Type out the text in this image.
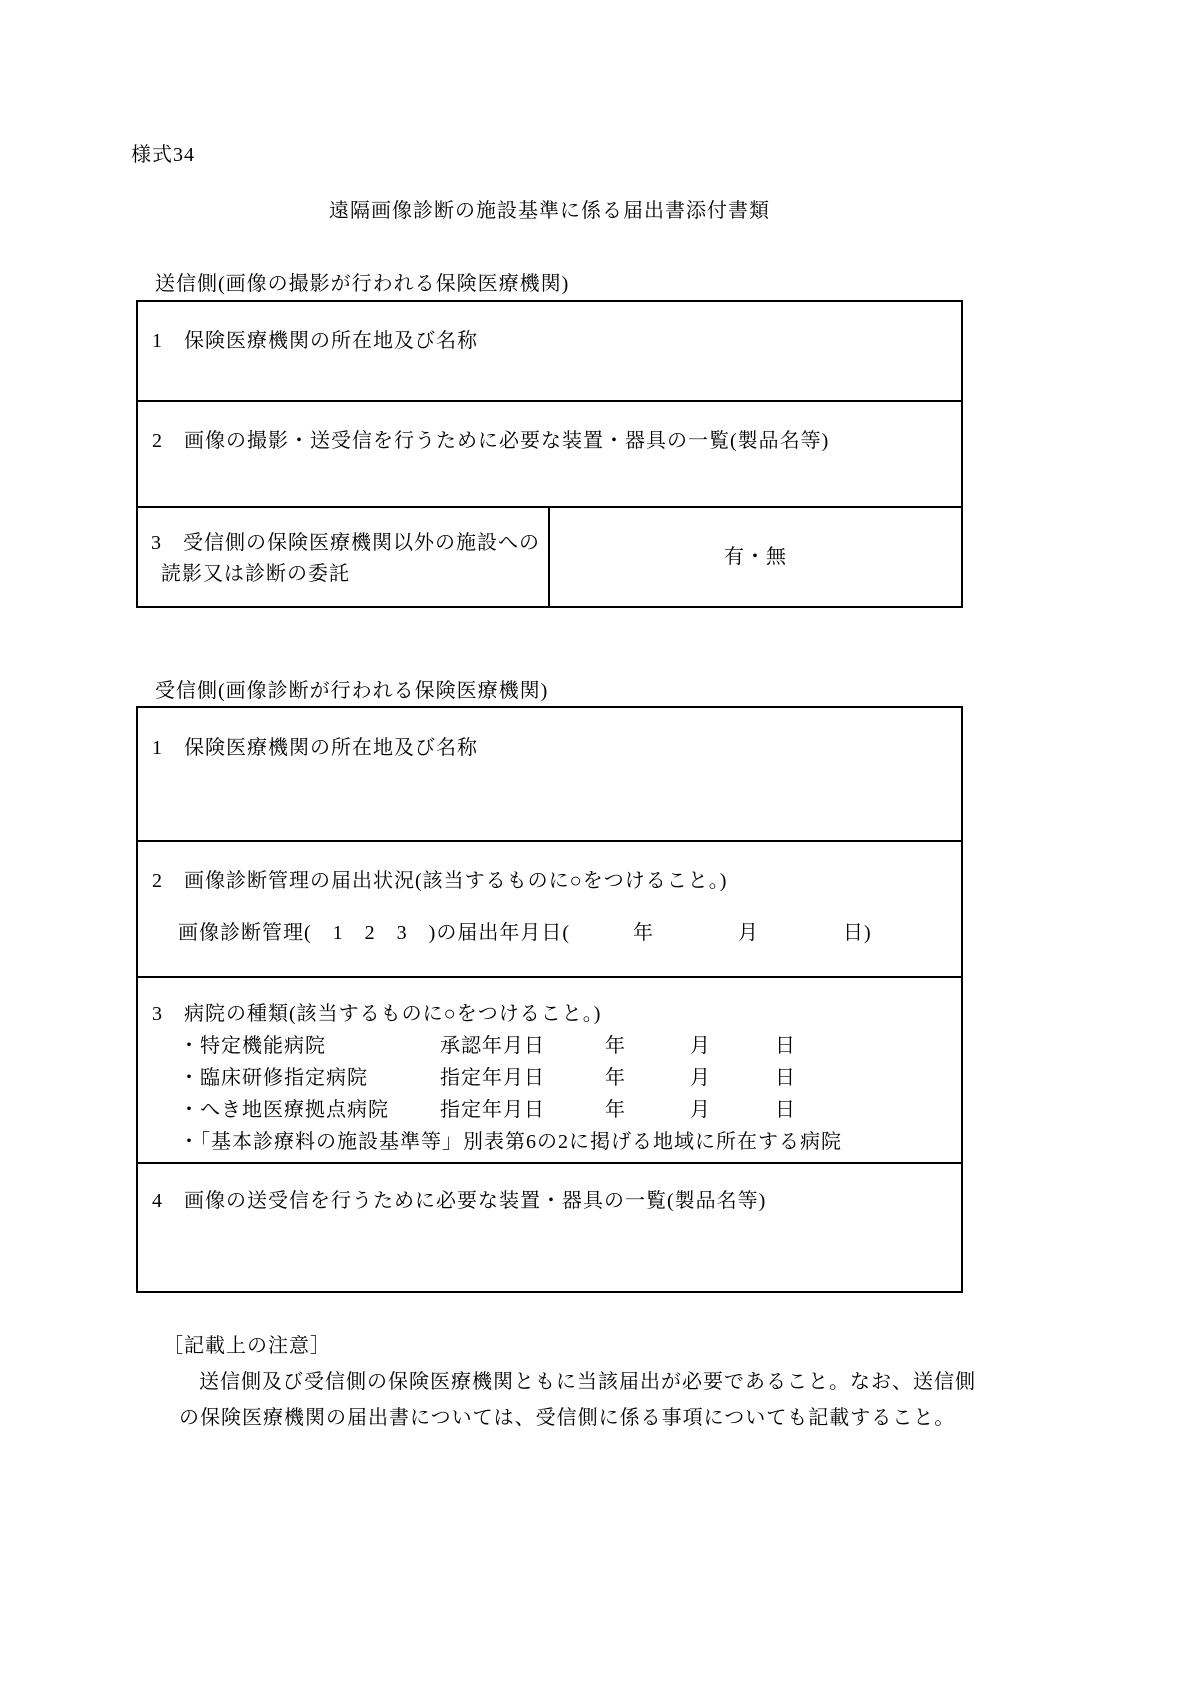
様式34
遠隔画像診断の施設基準に係る届出書添付書類
送信側(画像の撮影が行われる保険医療機関)
1　保険医療機関の所在地及び名称
2　画像の撮影・送受信を行うために必要な装置・器具の一覧(製品名等)
3　受信側の保険医療機関以外の施設への
読影又は診断の委託
有・無
受信側(画像診断が行われる保険医療機関)
1　保険医療機関の所在地及び名称
2　画像診断管理の届出状況(該当するものに○をつけること。)
画像診断管理(　1　2　3　)の届出年月日(　　　年　　　　月　　　　日)
3　病院の種類(該当するものに○をつけること。)
・特定機能病院	承認年月日	年	月	日
・臨床研修指定病院	指定年月日	年	月	日
・へき地医療拠点病院	指定年月日	年	月	日
・「基本診療料の施設基準等」別表第6の2に掲げる地域に所在する病院
4　画像の送受信を行うために必要な装置・器具の一覧(製品名等)
［記載上の注意］
送信側及び受信側の保険医療機関ともに当該届出が必要であること。なお、送信側
の保険医療機関の届出書については、受信側に係る事項についても記載すること。
